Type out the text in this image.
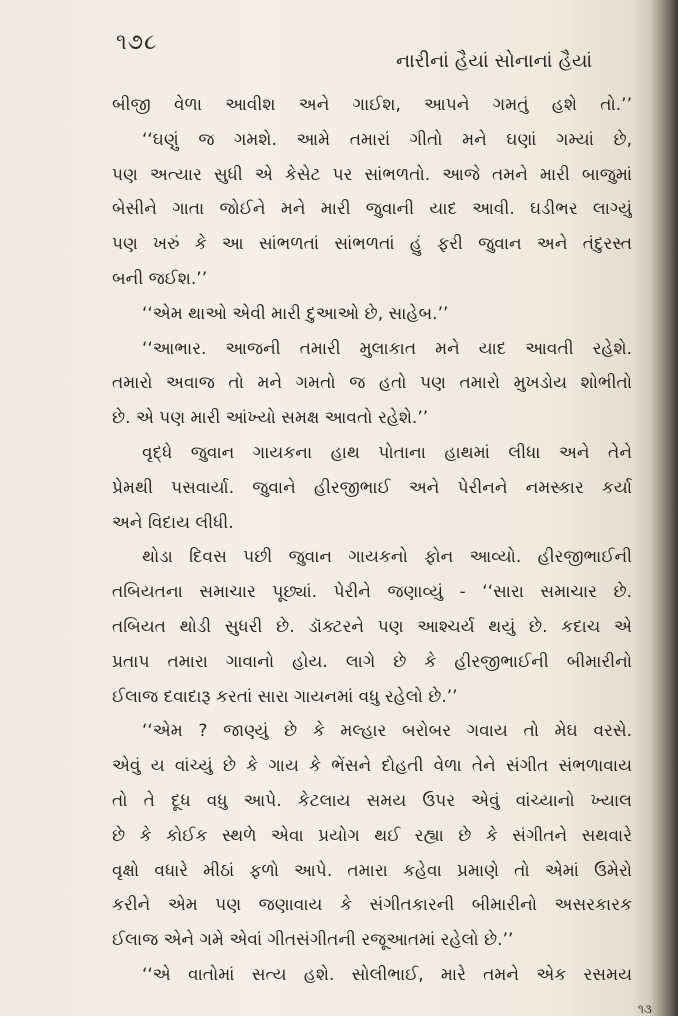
૧૭૮
નારીનાં હૈયાં સોનાનાં હૈયાં
બીજી વેળા આવીશ અને ગાઈશ, આપને ગમતું હશે તો.’’
‘‘ઘણું જ ગમશે. આમે તમારાં ગીતો મને ઘણાં ગમ્યાં છે,
પણ અત્યાર સુધી એ કેસેટ પર સાંભળતો. આજે તમને મારી બાજુમાં
બેસીને ગાતા જોઈને મને મારી જુવાની યાદ આવી. ઘડીભર લાગ્યું
પણ ખરું કે આ સાંભળતાં સાંભળતાં હું ફરી જુવાન અને તંદુરસ્ત
બની જઈશ.’’
‘‘એમ થાઓ એવી મારી દુઆઓ છે, સાહેબ.’’
‘‘આભાર. આજની તમારી મુલાકાત મને યાદ આવતી રહેશે.
તમારો અવાજ તો મને ગમતો જ હતો પણ તમારો મુખડોય શોભીતો
છે. એ પણ મારી આંખ્યો સમક્ષ આવતો રહેશે.’’
વૃદ્ધે જુવાન ગાયકના હાથ પોતાના હાથમાં લીધા અને તેને
પ્રેમથી પસવાર્યા. જુવાને હીરજીભાઈ અને પેરીનને નમસ્કાર કર્યા
અને વિદાય લીધી.
થોડા દિવસ પછી જુવાન ગાયકનો ફોન આવ્યો. હીરજીભાઈની
તબિયતના સમાચાર પૂછ્યાં. પેરીને જણાવ્યું - ‘‘સારા સમાચાર છે.
તબિયત થોડી સુધરી છે. ડૉક્ટરને પણ આશ્ચર્ય થયું છે. કદાચ એ
પ્રતાપ તમારા ગાવાનો હોય. લાગે છે કે હીરજીભાઈની બીમારીનો
ઈલાજ દવાદારૂ કરતાં સારા ગાયનમાં વધુ રહેલો છે.’’
‘‘એમ ? જાણ્યું છે કે મલ્હાર બરોબર ગવાય તો મેઘ વરસે.
એવું ય વાંચ્યું છે કે ગાય કે ભેંસને દોહતી વેળા તેને સંગીત સંભળાવાય
તો તે દૂધ વધુ આપે. કેટલાય સમય ઉપર એવું વાંચ્યાનો ખ્યાલ
છે કે કોઈક સ્થળે એવા પ્રયોગ થઈ રહ્યા છે કે સંગીતને સથવારે
વૃક્ષો વધારે મીઠાં ફળો આપે. તમારા કહેવા પ્રમાણે તો એમાં ઉમેરો
કરીને એમ પણ જણાવાય કે સંગીતકારની બીમારીનો અસરકારક
ઈલાજ એને ગમે એવાં ગીતસંગીતની રજૂઆતમાં રહેલો છે.’’
‘‘એ વાતોમાં સત્ય હશે. સોલીભાઈ, મારે તમને એક રસમય
૧૩
